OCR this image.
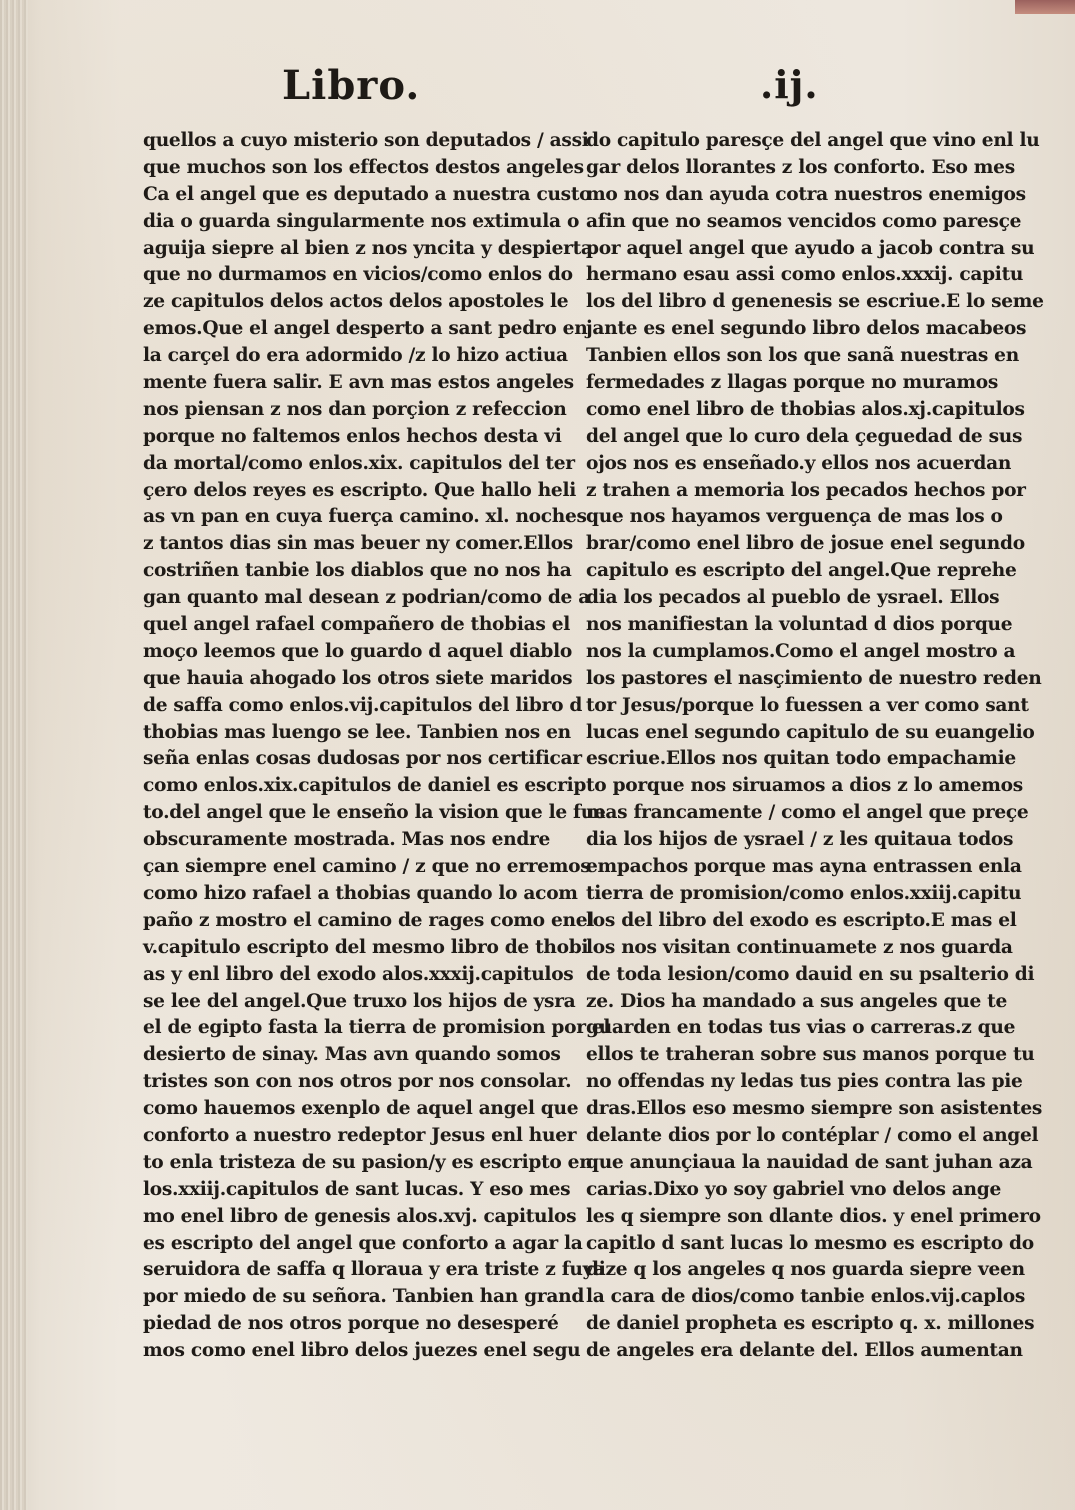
Libro.	.ij.
quellos a cuyo misterio son deputados / assi
que muchos son los effectos destos angeles
Ca el angel que es deputado a nuestra custo
dia o guarda singularmente nos extimula o
aguija siepre al bien z nos yncita y despierta
que no durmamos en vicios/como enlos do
ze capitulos delos actos delos apostoles le
emos.Que el angel desperto a sant pedro en
la carçel do era adormido /z lo hizo actiua
mente fuera salir. E avn mas estos angeles
nos piensan z nos dan porçion z refeccion
porque no faltemos enlos hechos desta vi
da mortal/como enlos.xix. capitulos del ter
çero delos reyes es escripto. Que hallo heli
as vn pan en cuya fuerça camino. xl. noches
z tantos dias sin mas beuer ny comer.Ellos
costriñen tanbie los diablos que no nos ha
gan quanto mal desean z podrian/como de a
quel angel rafael compañero de thobias el
moço leemos que lo guardo d aquel diablo
que hauia ahogado los otros siete maridos
de saffa como enlos.vij.capitulos del libro d
thobias mas luengo se lee. Tanbien nos en
seña enlas cosas dudosas por nos certificar
como enlos.xix.capitulos de daniel es escrip
to.del angel que le enseño la vision que le fue
obscuramente mostrada. Mas nos endre
çan siempre enel camino / z que no erremos
como hizo rafael a thobias quando lo acom
paño z mostro el camino de rages como enel
v.capitulo escripto del mesmo libro de thobi
as y enl libro del exodo alos.xxxij.capitulos
se lee del angel.Que truxo los hijos de ysra
el de egipto fasta la tierra de promision por el
desierto de sinay. Mas avn quando somos
tristes son con nos otros por nos consolar.
como hauemos exenplo de aquel angel que
conforto a nuestro redeptor Jesus enl huer
to enla tristeza de su pasion/y es escripto en
los.xxiij.capitulos de sant lucas. Y eso mes
mo enel libro de genesis alos.xvj. capitulos
es escripto del angel que conforto a agar la
seruidora de saffa q lloraua y era triste z fuya
por miedo de su señora. Tanbien han grand
piedad de nos otros porque no desesperé
mos como enel libro delos juezes enel segu
do capitulo paresçe del angel que vino enl lu
gar delos llorantes z los conforto. Eso mes
mo nos dan ayuda cotra nuestros enemigos
afin que no seamos vencidos como paresçe
por aquel angel que ayudo a jacob contra su
hermano esau assi como enlos.xxxij. capitu
los del libro d genenesis se escriue.E lo seme
jante es enel segundo libro delos macabeos
Tanbien ellos son los que sanã nuestras en
fermedades z llagas porque no muramos
como enel libro de thobias alos.xj.capitulos
del angel que lo curo dela çeguedad de sus
ojos nos es enseñado.y ellos nos acuerdan
z trahen a memoria los pecados hechos por
que nos hayamos verguença de mas los o
brar/como enel libro de josue enel segundo
capitulo es escripto del angel.Que reprehe
dia los pecados al pueblo de ysrael. Ellos
nos manifiestan la voluntad d dios porque
nos la cumplamos.Como el angel mostro a
los pastores el nasçimiento de nuestro reden
tor Jesus/porque lo fuessen a ver como sant
lucas enel segundo capitulo de su euangelio
escriue.Ellos nos quitan todo empachamie
to porque nos siruamos a dios z lo amemos
mas francamente / como el angel que preçe
dia los hijos de ysrael / z les quitaua todos
empachos porque mas ayna entrassen enla
tierra de promision/como enlos.xxiij.capitu
los del libro del exodo es escripto.E mas el
los nos visitan continuamete z nos guarda
de toda lesion/como dauid en su psalterio di
ze. Dios ha mandado a sus angeles que te
guarden en todas tus vias o carreras.z que
ellos te traheran sobre sus manos porque tu
no offendas ny ledas tus pies contra las pie
dras.Ellos eso mesmo siempre son asistentes
delante dios por lo contéplar / como el angel
que anunçiaua la nauidad de sant juhan aza
carias.Dixo yo soy gabriel vno delos ange
les q siempre son dlante dios. y enel primero
capitlo d sant lucas lo mesmo es escripto do
dize q los angeles q nos guarda siepre veen
la cara de dios/como tanbie enlos.vij.caplos
de daniel propheta es escripto q. x. millones
de angeles era delante del. Ellos aumentan
